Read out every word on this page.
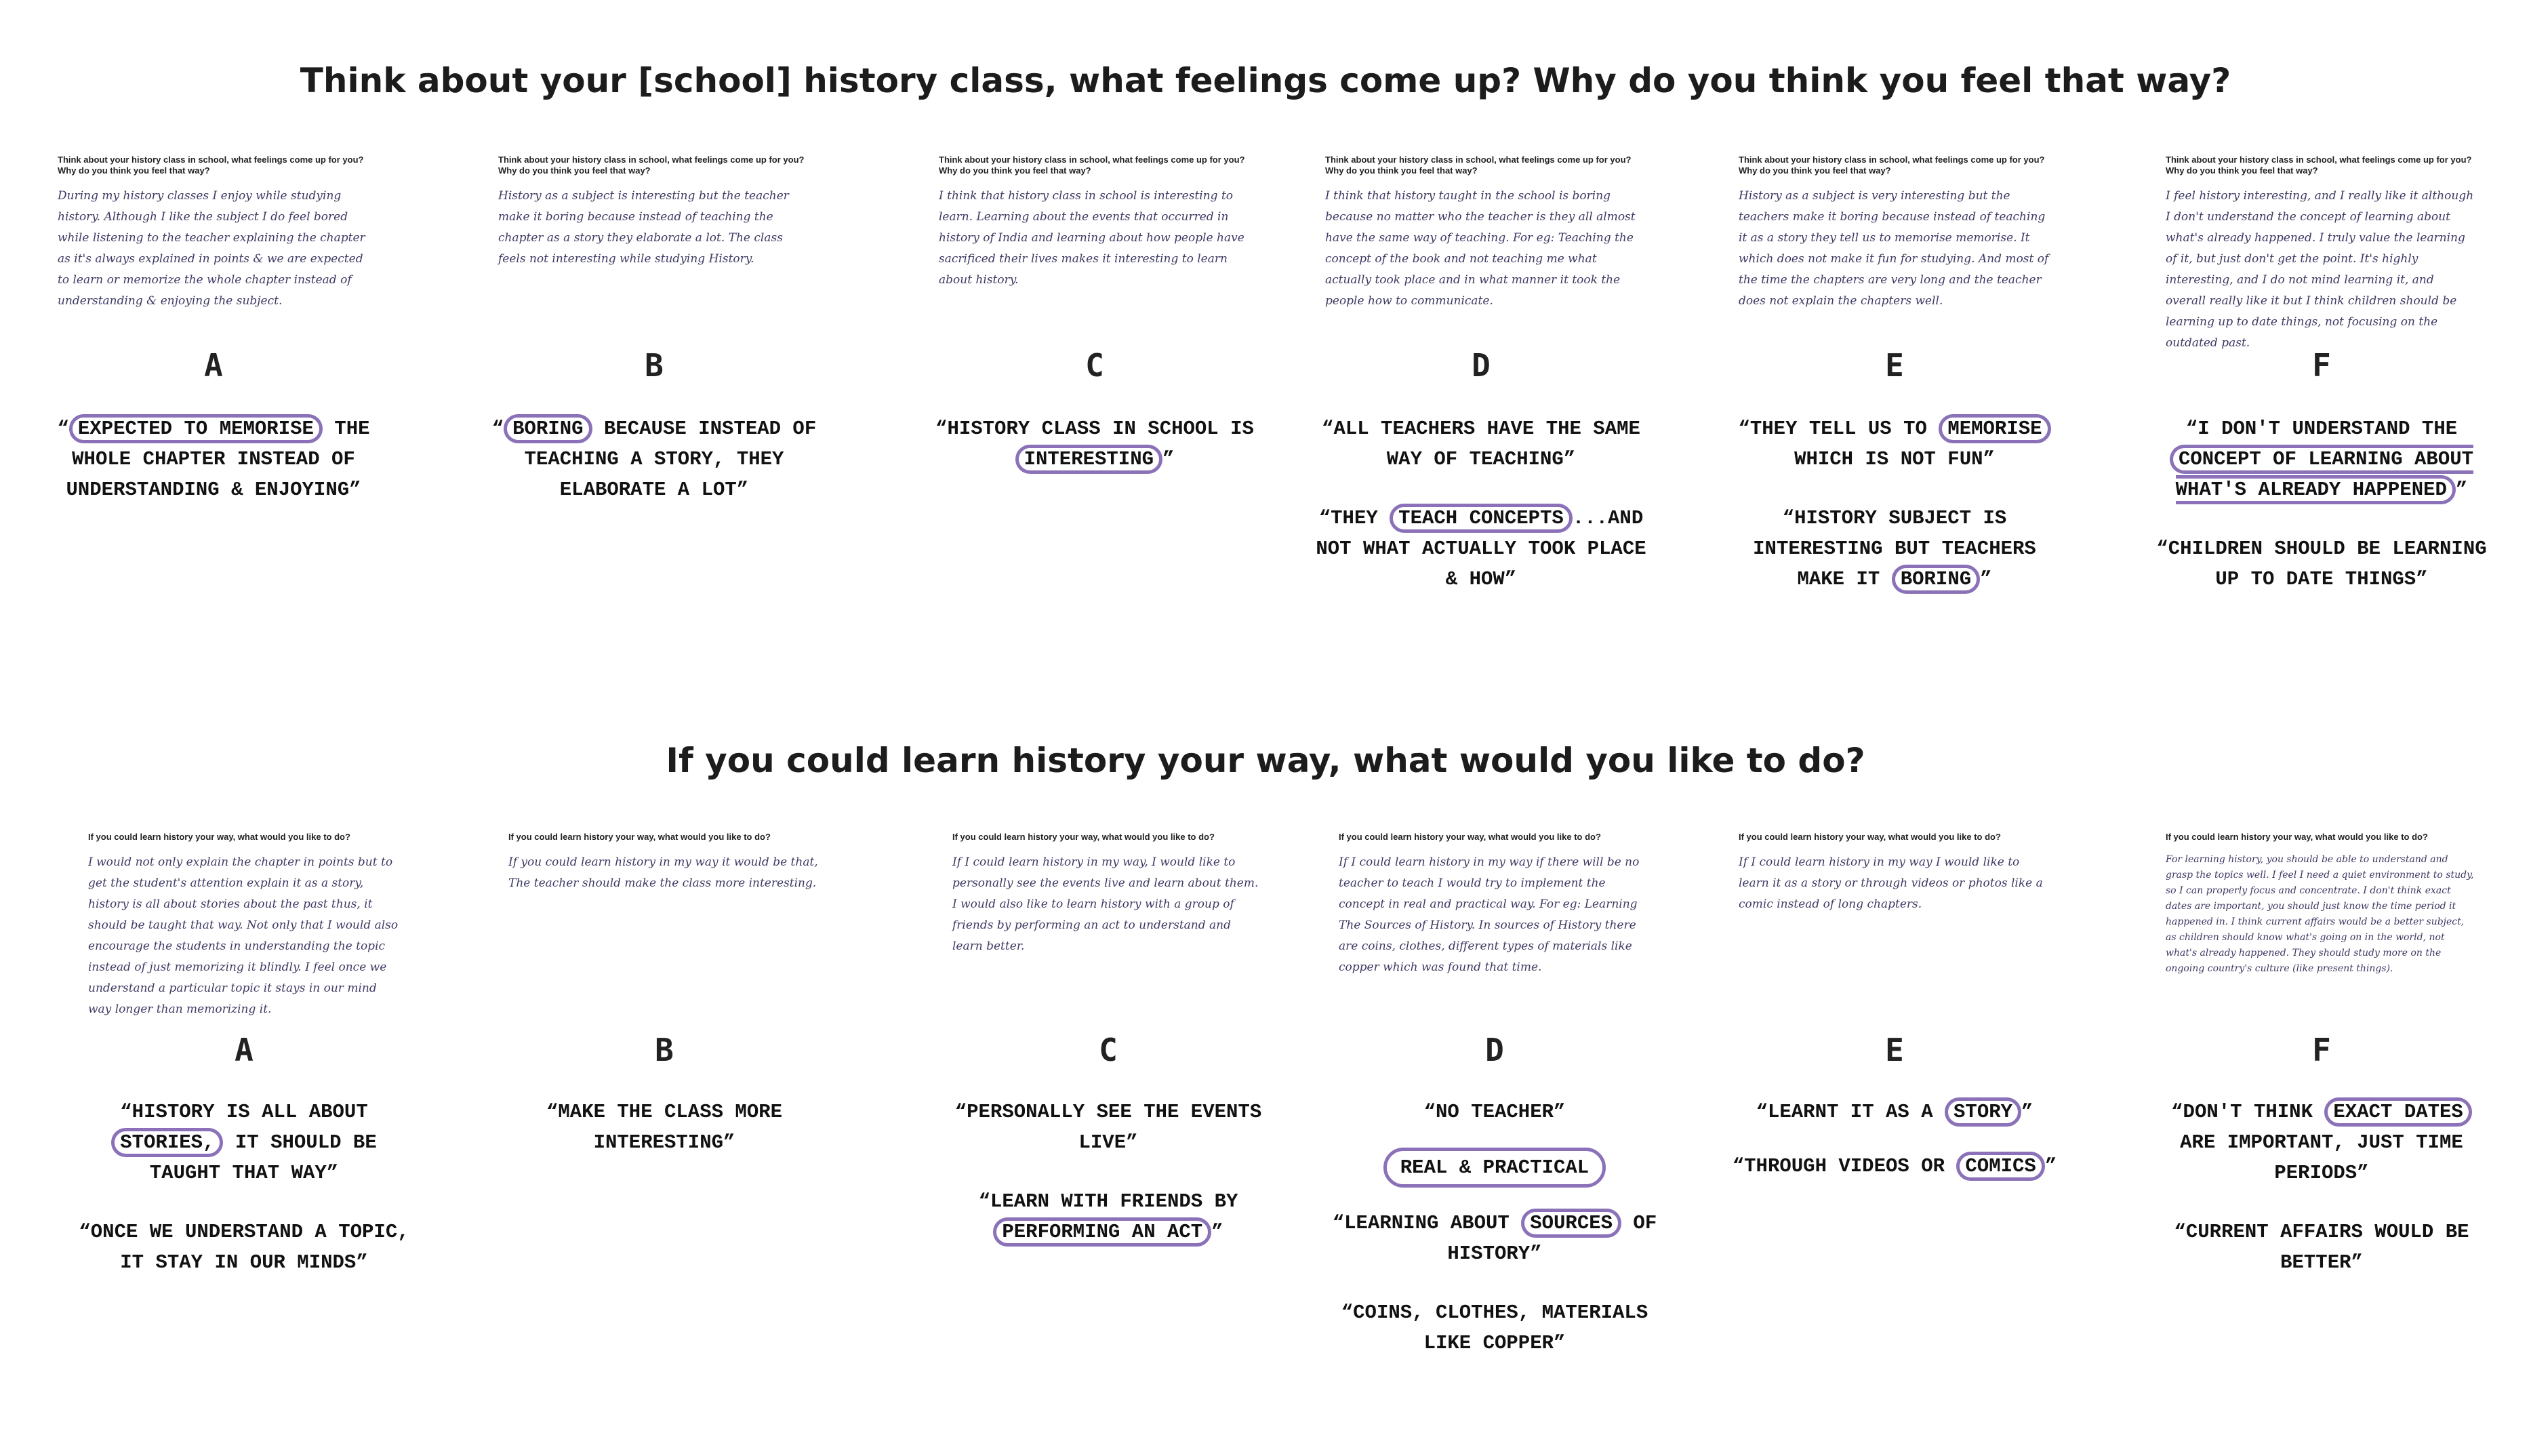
Think about your [school] history class, what feelings come up? Why do you think you feel that way?
Think about your history class in school, what feelings come up for you?
Why do you think you feel that way?
During my history classes I enjoy while studying history. Although I like the subject I do feel bored while listening to the teacher explaining the chapter as it's always explained in points & we are expected to learn or memorize the whole chapter instead of understanding & enjoying the subject.
A
“ EXPECTED TO MEMORISE THE WHOLE CHAPTER INSTEAD OF UNDERSTANDING & ENJOYING”
Think about your history class in school, what feelings come up for you?
Why do you think you feel that way?
History as a subject is interesting but the teacher make it boring because instead of teaching the chapter as a story they elaborate a lot. The class feels not interesting while studying History.
B
“ BORING BECAUSE INSTEAD OF TEACHING A STORY, THEY ELABORATE A LOT”
Think about your history class in school, what feelings come up for you?
Why do you think you feel that way?
I think that history class in school is interesting to learn. Learning about the events that occurred in history of India and learning about how people have sacrificed their lives makes it interesting to learn about history.
C
“HISTORY CLASS IN SCHOOL IS INTERESTING ”
Think about your history class in school, what feelings come up for you?
Why do you think you feel that way?
I think that history taught in the school is boring because no matter who the teacher is they all almost have the same way of teaching. For eg: Teaching the concept of the book and not teaching me what actually took place and in what manner it took the people how to communicate.
D
“ALL TEACHERS HAVE THE SAME WAY OF TEACHING”
“THEY TEACH CONCEPTS ...AND NOT WHAT ACTUALLY TOOK PLACE & HOW”
Think about your history class in school, what feelings come up for you?
Why do you think you feel that way?
History as a subject is very interesting but the teachers make it boring because instead of teaching it as a story they tell us to memorise memorise. It which does not make it fun for studying. And most of the time the chapters are very long and the teacher does not explain the chapters well.
E
“THEY TELL US TO MEMORISE WHICH IS NOT FUN”
“HISTORY SUBJECT IS INTERESTING BUT TEACHERS MAKE IT BORING ”
Think about your history class in school, what feelings come up for you?
Why do you think you feel that way?
I feel history interesting, and I really like it although I don't understand the concept of learning about what's already happened. I truly value the learning of it, but just don't get the point. It's highly interesting, and I do not mind learning it, and overall really like it but I think children should be learning up to date things, not focusing on the outdated past.
F
“I DON'T UNDERSTAND THE CONCEPT OF LEARNING ABOUT WHAT'S ALREADY HAPPENED ”
“CHILDREN SHOULD BE LEARNING UP TO DATE THINGS”
If you could learn history your way, what would you like to do?
If you could learn history your way, what would you like to do?
I would not only explain the chapter in points but to get the student's attention explain it as a story, history is all about stories about the past thus, it should be taught that way. Not only that I would also encourage the students in understanding the topic instead of just memorizing it blindly. I feel once we understand a particular topic it stays in our mind way longer than memorizing it.
A
“HISTORY IS ALL ABOUT STORIES, IT SHOULD BE TAUGHT THAT WAY”
“ONCE WE UNDERSTAND A TOPIC, IT STAY IN OUR MINDS”
If you could learn history your way, what would you like to do?
If you could learn history in my way it would be that, The teacher should make the class more interesting.
B
“MAKE THE CLASS MORE INTERESTING”
If you could learn history your way, what would you like to do?
If I could learn history in my way, I would like to personally see the events live and learn about them. I would also like to learn history with a group of friends by performing an act to understand and learn better.
C
“PERSONALLY SEE THE EVENTS LIVE”
“LEARN WITH FRIENDS BY PERFORMING AN ACT ”
If you could learn history your way, what would you like to do?
If I could learn history in my way if there will be no teacher to teach I would try to implement the concept in real and practical way. For eg: Learning The Sources of History. In sources of History there are coins, clothes, different types of materials like copper which was found that time.
D
“NO TEACHER”
REAL & PRACTICAL
“LEARNING ABOUT SOURCES OF HISTORY”
“COINS, CLOTHES, MATERIALS LIKE COPPER”
If you could learn history your way, what would you like to do?
If I could learn history in my way I would like to learn it as a story or through videos or photos like a comic instead of long chapters.
E
“LEARNT IT AS A STORY ”
“THROUGH VIDEOS OR COMICS ”
If you could learn history your way, what would you like to do?
For learning history, you should be able to understand and grasp the topics well. I feel I need a quiet environment to study, so I can properly focus and concentrate. I don't think exact dates are important, you should just know the time period it happened in. I think current affairs would be a better subject, as children should know what's going on in the world, not what's already happened. They should study more on the ongoing country's culture (like present things).
F
“DON'T THINK EXACT DATES ARE IMPORTANT, JUST TIME PERIODS”
“CURRENT AFFAIRS WOULD BE BETTER”
